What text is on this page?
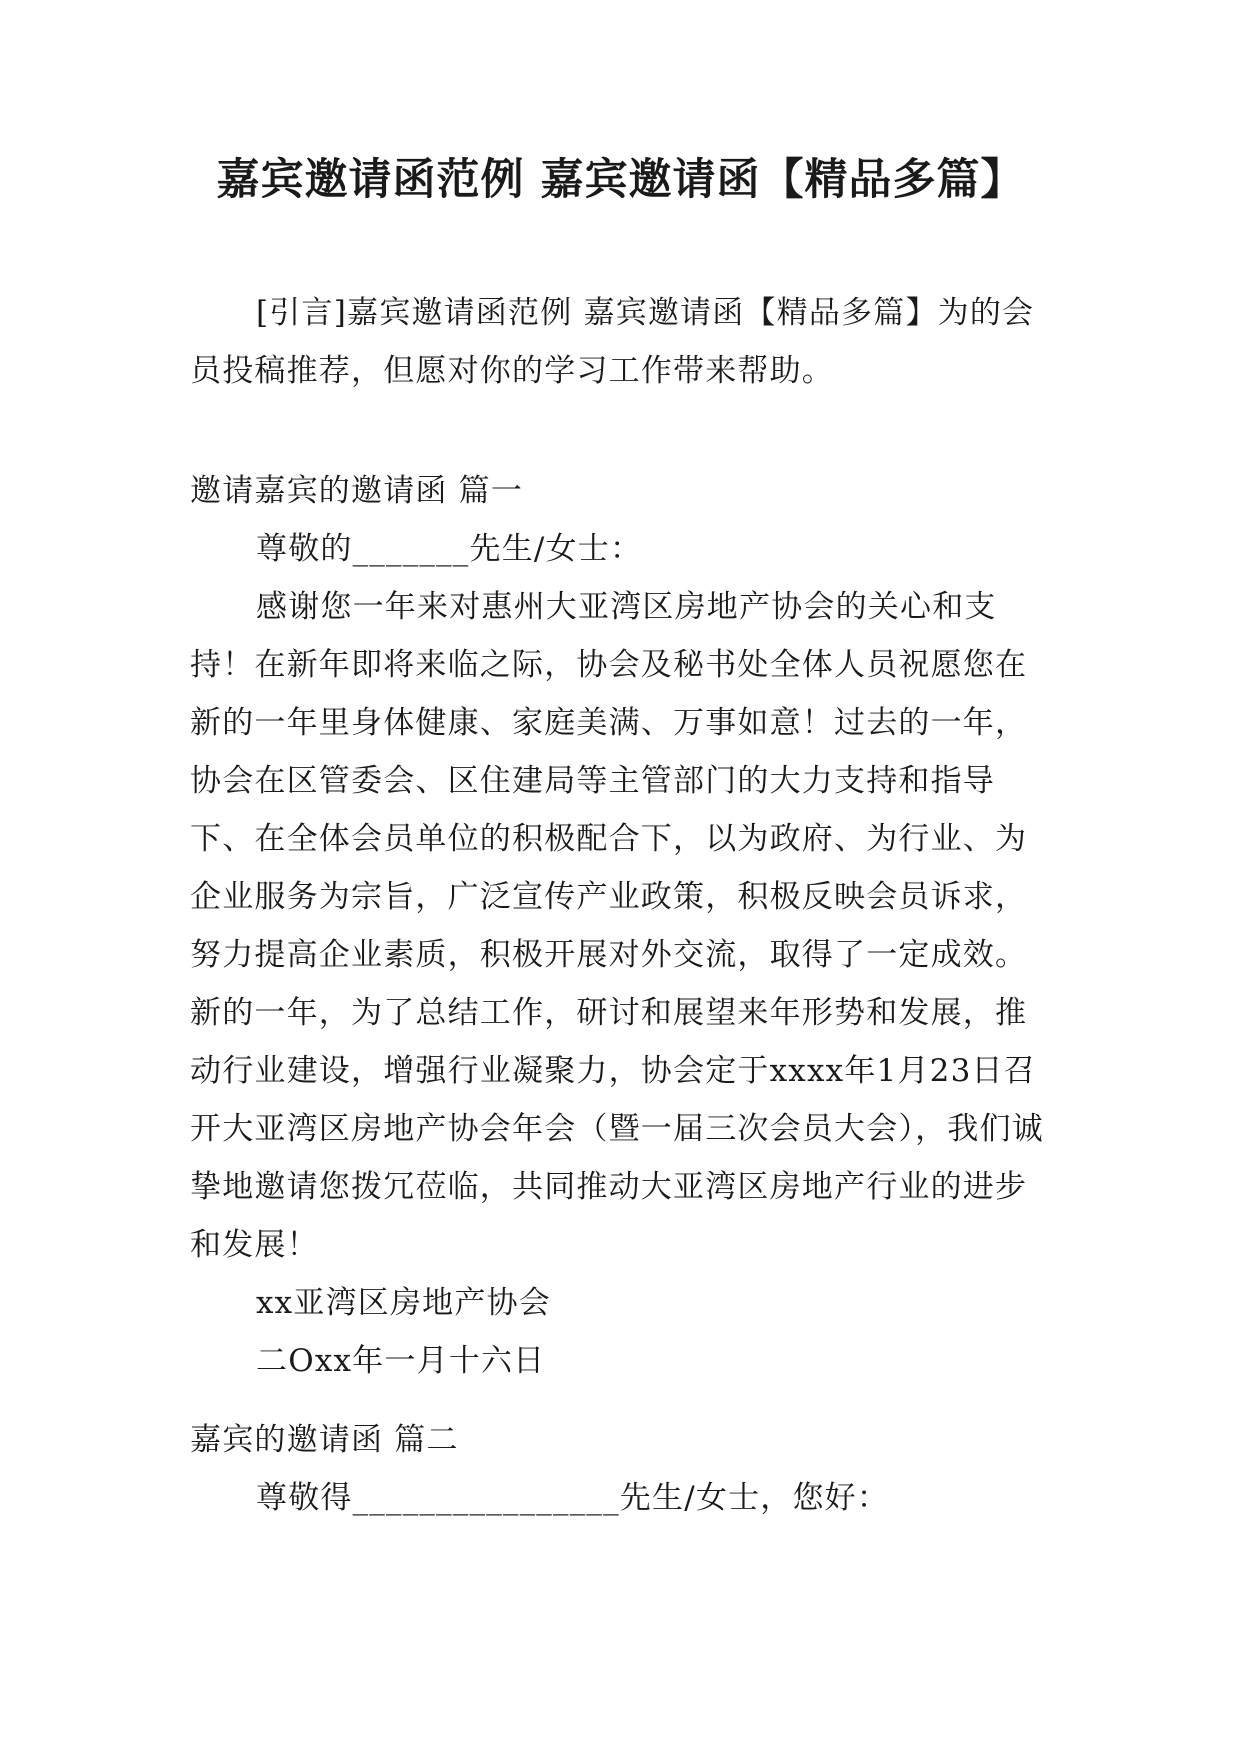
嘉宾邀请函范例 嘉宾邀请函【精品多篇】

[引言]嘉宾邀请函范例 嘉宾邀请函【精品多篇】为的会员投稿推荐，但愿对你的学习工作带来帮助。

邀请嘉宾的邀请函 篇一

尊敬的_______先生/女士：

感谢您一年来对惠州大亚湾区房地产协会的关心和支持！在新年即将来临之际，协会及秘书处全体人员祝愿您在新的一年里身体健康、家庭美满、万事如意！过去的一年，协会在区管委会、区住建局等主管部门的大力支持和指导下、在全体会员单位的积极配合下，以为政府、为行业、为企业服务为宗旨，广泛宣传产业政策，积极反映会员诉求，努力提高企业素质，积极开展对外交流，取得了一定成效。新的一年，为了总结工作，研讨和展望来年形势和发展，推动行业建设，增强行业凝聚力，协会定于xxxx年1月23日召开大亚湾区房地产协会年会（暨一届三次会员大会），我们诚挚地邀请您拨冗莅临，共同推动大亚湾区房地产行业的进步和发展！

xx亚湾区房地产协会

二Oxx年一月十六日

嘉宾的邀请函 篇二

尊敬得________________先生/女士，您好：
